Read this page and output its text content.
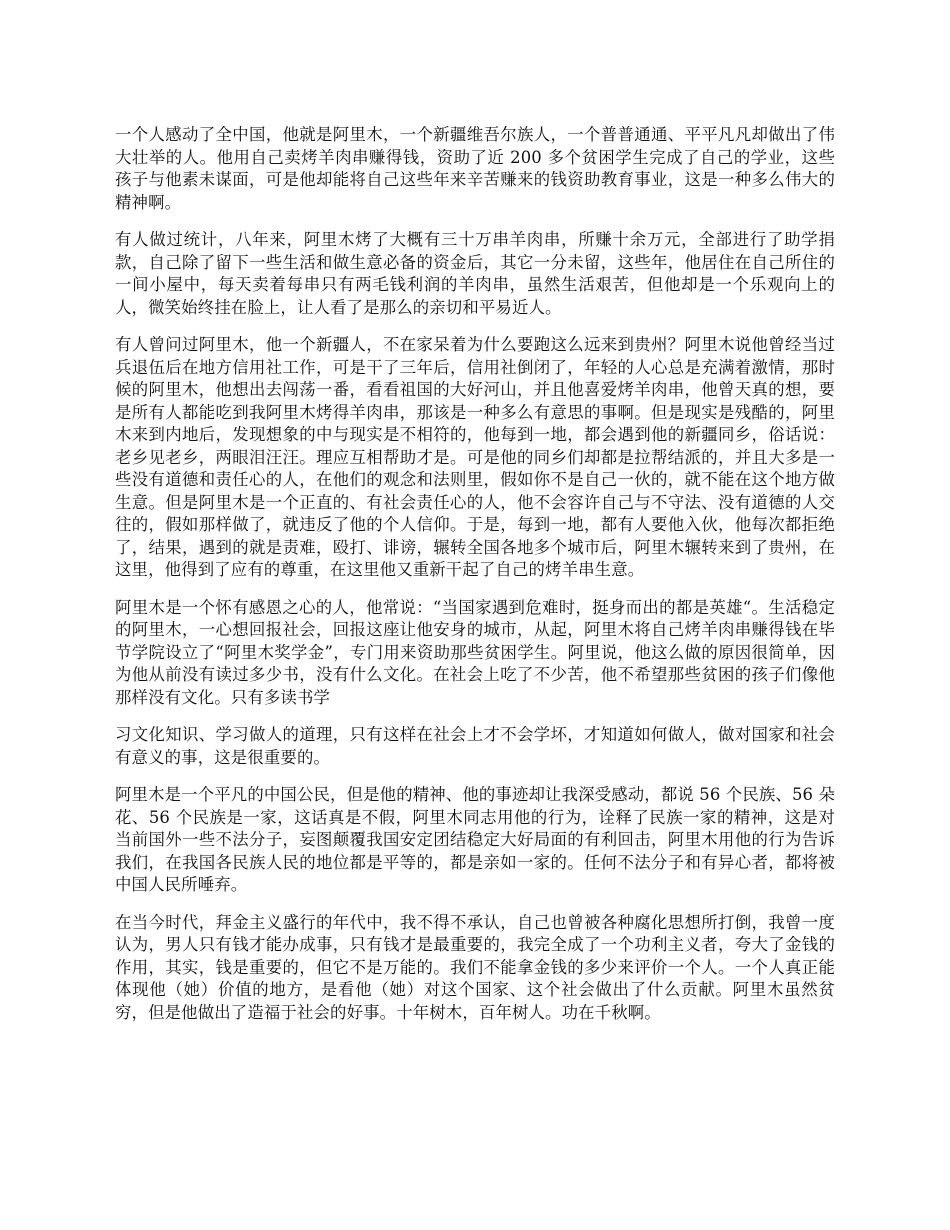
一个人感动了全中国，他就是阿里木，一个新疆维吾尔族人，一个普普通通、平平凡凡却做出了伟大壮举的人。他用自己卖烤羊肉串赚得钱，资助了近 200 多个贫困学生完成了自己的学业，这些孩子与他素未谋面，可是他却能将自己这些年来辛苦赚来的钱资助教育事业，这是一种多么伟大的精神啊。

有人做过统计，八年来，阿里木烤了大概有三十万串羊肉串，所赚十余万元，全部进行了助学捐款，自己除了留下一些生活和做生意必备的资金后，其它一分未留，这些年，他居住在自己所住的一间小屋中，每天卖着每串只有两毛钱利润的羊肉串，虽然生活艰苦，但他却是一个乐观向上的人，微笑始终挂在脸上，让人看了是那么的亲切和平易近人。

有人曾问过阿里木，他一个新疆人，不在家呆着为什么要跑这么远来到贵州？阿里木说他曾经当过兵退伍后在地方信用社工作，可是干了三年后，信用社倒闭了，年轻的人心总是充满着激情，那时候的阿里木，他想出去闯荡一番，看看祖国的大好河山，并且他喜爱烤羊肉串，他曾天真的想，要是所有人都能吃到我阿里木烤得羊肉串，那该是一种多么有意思的事啊。但是现实是残酷的，阿里木来到内地后，发现想象的中与现实是不相符的，他每到一地，都会遇到他的新疆同乡，俗话说：老乡见老乡，两眼泪汪汪。理应互相帮助才是。可是他的同乡们却都是拉帮结派的，并且大多是一些没有道德和责任心的人，在他们的观念和法则里，假如你不是自己一伙的，就不能在这个地方做生意。但是阿里木是一个正直的、有社会责任心的人，他不会容许自己与不守法、没有道德的人交往的，假如那样做了，就违反了他的个人信仰。于是，每到一地，都有人要他入伙，他每次都拒绝了，结果，遇到的就是责难，殴打、诽谤，辗转全国各地多个城市后，阿里木辗转来到了贵州，在这里，他得到了应有的尊重，在这里他又重新干起了自己的烤羊串生意。

阿里木是一个怀有感恩之心的人，他常说：“当国家遇到危难时，挺身而出的都是英雄“。生活稳定的阿里木，一心想回报社会，回报这座让他安身的城市，从起，阿里木将自己烤羊肉串赚得钱在毕节学院设立了“阿里木奖学金”，专门用来资助那些贫困学生。阿里说，他这么做的原因很简单，因为他从前没有读过多少书，没有什么文化。在社会上吃了不少苦，他不希望那些贫困的孩子们像他那样没有文化。只有多读书学

习文化知识、学习做人的道理，只有这样在社会上才不会学坏，才知道如何做人，做对国家和社会有意义的事，这是很重要的。

阿里木是一个平凡的中国公民，但是他的精神、他的事迹却让我深受感动，都说 56 个民族、56 朵花、56 个民族是一家，这话真是不假，阿里木同志用他的行为，诠释了民族一家的精神，这是对当前国外一些不法分子，妄图颠覆我国安定团结稳定大好局面的有利回击，阿里木用他的行为告诉我们，在我国各民族人民的地位都是平等的，都是亲如一家的。任何不法分子和有异心者，都将被中国人民所唾弃。

在当今时代，拜金主义盛行的年代中，我不得不承认，自己也曾被各种腐化思想所打倒，我曾一度认为，男人只有钱才能办成事，只有钱才是最重要的，我完全成了一个功利主义者，夸大了金钱的作用，其实，钱是重要的，但它不是万能的。我们不能拿金钱的多少来评价一个人。一个人真正能体现他（她）价值的地方，是看他（她）对这个国家、这个社会做出了什么贡献。阿里木虽然贫穷，但是他做出了造福于社会的好事。十年树木，百年树人。功在千秋啊。
